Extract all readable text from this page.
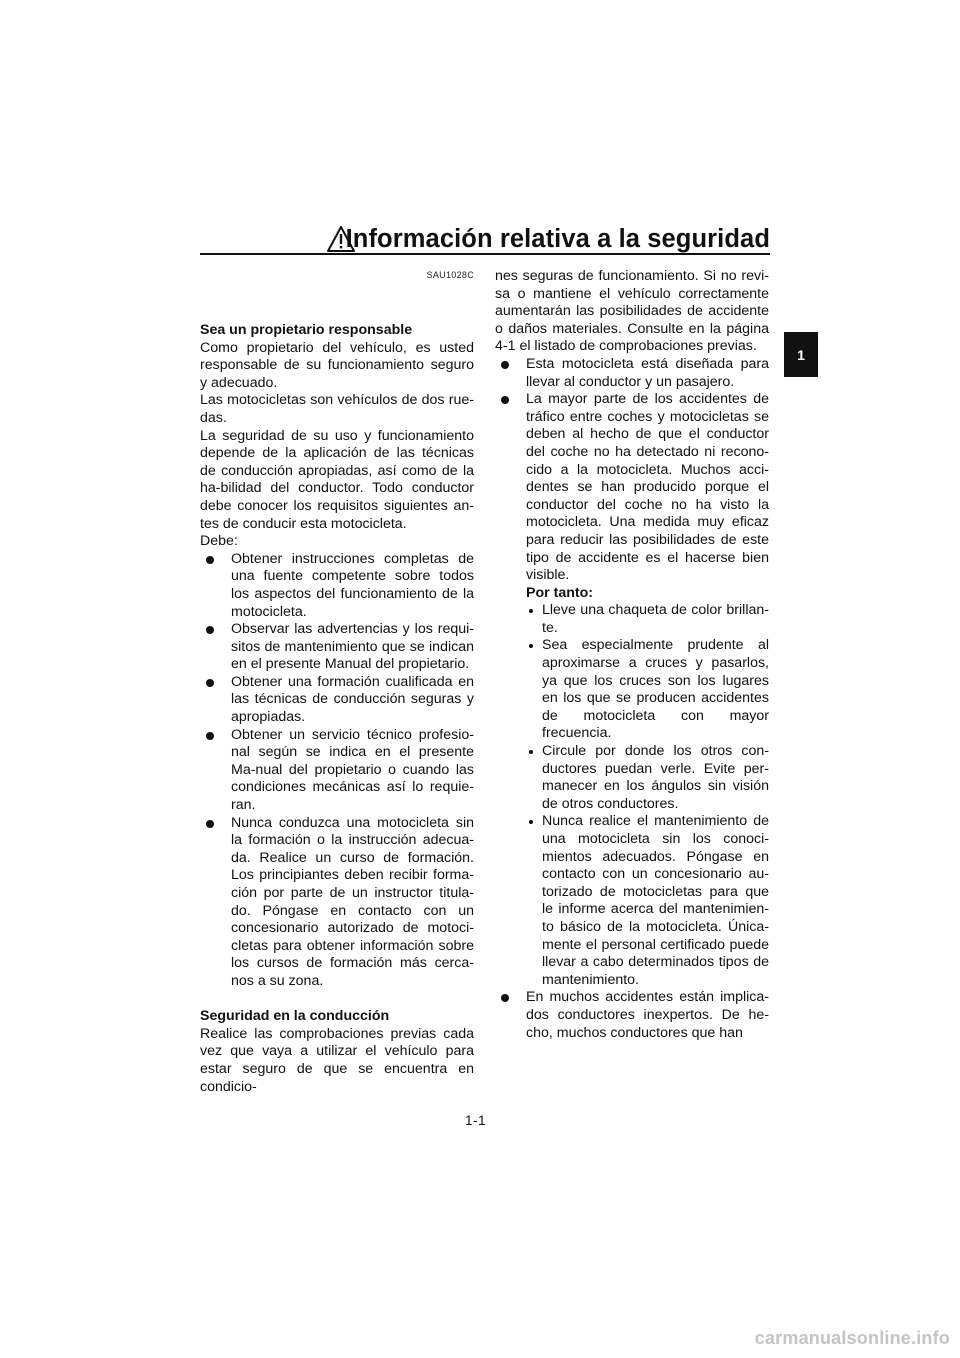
Información relativa a la seguridad
1
SAU1028C

Sea un propietario responsable

Como propietario del vehículo, es usted responsable de su funcionamiento seguro y adecuado.

Las motocicletas son vehículos de dos rue-das.

La seguridad de su uso y funcionamiento depende de la aplicación de las técnicas de conducción apropiadas, así como de la ha-bilidad del conductor. Todo conductor debe conocer los requisitos siguientes an-tes de conducir esta motocicleta.

Debe:

Obtener instrucciones completas de una fuente competente sobre todos los aspectos del funcionamiento de la motocicleta.
Observar las advertencias y los requi-sitos de mantenimiento que se indican en el presente Manual del propietario.
Obtener una formación cualificada en las técnicas de conducción seguras y apropiadas.
Obtener un servicio técnico profesio-nal según se indica en el presente Ma-nual del propietario o cuando las condiciones mecánicas así lo requie-ran.
Nunca conduzca una motocicleta sin la formación o la instrucción adecua-da. Realice un curso de formación. Los principiantes deben recibir forma-ción por parte de un instructor titula-do. Póngase en contacto con un concesionario autorizado de motoci-cletas para obtener información sobre los cursos de formación más cerca-nos a su zona.

Seguridad en la conducción

Realice las comprobaciones previas cada vez que vaya a utilizar el vehículo para estar seguro de que se encuentra en condicio-

nes seguras de funcionamiento. Si no revi-sa o mantiene el vehículo correctamente aumentarán las posibilidades de accidente o daños materiales. Consulte en la página 4-1 el listado de comprobaciones previas.

Esta motocicleta está diseñada para llevar al conductor y un pasajero.
La mayor parte de los accidentes de tráfico entre coches y motocicletas se deben al hecho de que el conductor del coche no ha detectado ni recono-cido a la motocicleta. Muchos acci-dentes se han producido porque el conductor del coche no ha visto la motocicleta. Una medida muy eficaz para reducir las posibilidades de este tipo de accidente es el hacerse bien visible.

Por tanto:

Lleve una chaqueta de color brillan-te.
Sea especialmente prudente al aproximarse a cruces y pasarlos, ya que los cruces son los lugares en los que se producen accidentes de motocicleta con mayor frecuencia.
Circule por donde los otros con-ductores puedan verle. Evite per-manecer en los ángulos sin visión de otros conductores.
Nunca realice el mantenimiento de una motocicleta sin los conoci-mientos adecuados. Póngase en contacto con un concesionario au-torizado de motocicletas para que le informe acerca del mantenimien-to básico de la motocicleta. Única-mente el personal certificado puede llevar a cabo determinados tipos de mantenimiento.
En muchos accidentes están implica-dos conductores inexpertos. De he-cho, muchos conductores que han
1-1
carmanualsonline.info
